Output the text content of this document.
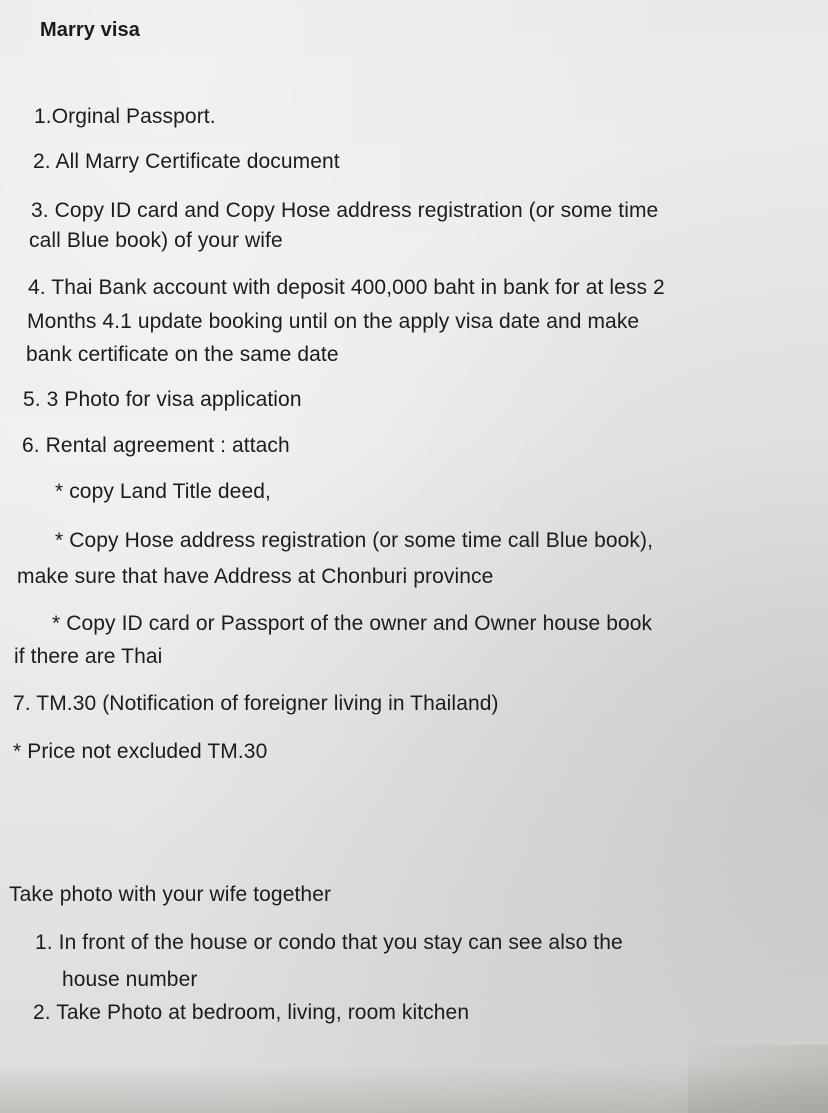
Marry visa

1.Orginal Passport.

2. All Marry Certificate document

3. Copy ID card and Copy Hose address registration (or some time

call Blue book) of your wife

4. Thai Bank account with deposit 400,000 baht in bank for at less 2

Months 4.1 update booking until on the apply visa date and make

bank certificate on the same date

5. 3 Photo for visa application

6. Rental agreement : attach

* copy Land Title deed,

* Copy Hose address registration (or some time call Blue book),

make sure that have Address at Chonburi province

* Copy ID card or Passport of the owner and Owner house book

if there are Thai

7. TM.30 (Notification of foreigner living in Thailand)

* Price not excluded TM.30

Take photo with your wife together

1. In front of the house or condo that you stay can see also the

house number

2. Take Photo at bedroom, living, room kitchen
